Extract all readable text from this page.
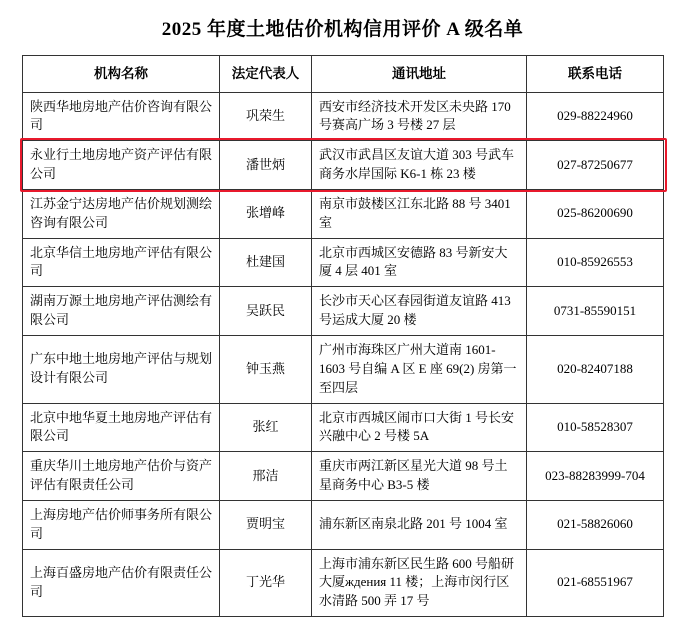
2025 年度土地估价机构信用评价 A 级名单
机构名称	法定代表人	通讯地址	联系电话
陕西华地房地产估价咨询有限公司	巩荣生	西安市经济技术开发区未央路 170 号赛高广场 3 号楼 27 层	029-88224960
永业行土地房地产资产评估有限公司	潘世炳	武汉市武昌区友谊大道 303 号武车商务水岸国际 K6-1 栋 23 楼	027-87250677
江苏金宁达房地产估价规划测绘咨询有限公司	张增峰	南京市鼓楼区江东北路 88 号 3401 室	025-86200690
北京华信土地房地产评估有限公司	杜建国	北京市西城区安德路 83 号新安大厦 4 层 401 室	010-85926553
湖南万源土地房地产评估测绘有限公司	吴跃民	长沙市天心区春园街道友谊路 413 号运成大厦 20 楼	0731-85590151
广东中地土地房地产评估与规划设计有限公司	钟玉燕	广州市海珠区广州大道南 1601-1603 号自编 A 区 E 座 69(2) 房第一至四层	020-82407188
北京中地华夏土地房地产评估有限公司	张红	北京市西城区闹市口大街 1 号长安兴融中心 2 号楼 5A	010-58528307
重庆华川土地房地产估价与资产评估有限责任公司	邢洁	重庆市两江新区星光大道 98 号土星商务中心 B3-5 楼	023-88283999-704
上海房地产估价师事务所有限公司	贾明宝	浦东新区南泉北路 201 号 1004 室	021-58826060
上海百盛房地产估价有限责任公司	丁光华	上海市浦东新区民生路 600 号船研大厦ждения 11 楼；上海市闵行区水清路 500 弄 17 号	021-68551967
